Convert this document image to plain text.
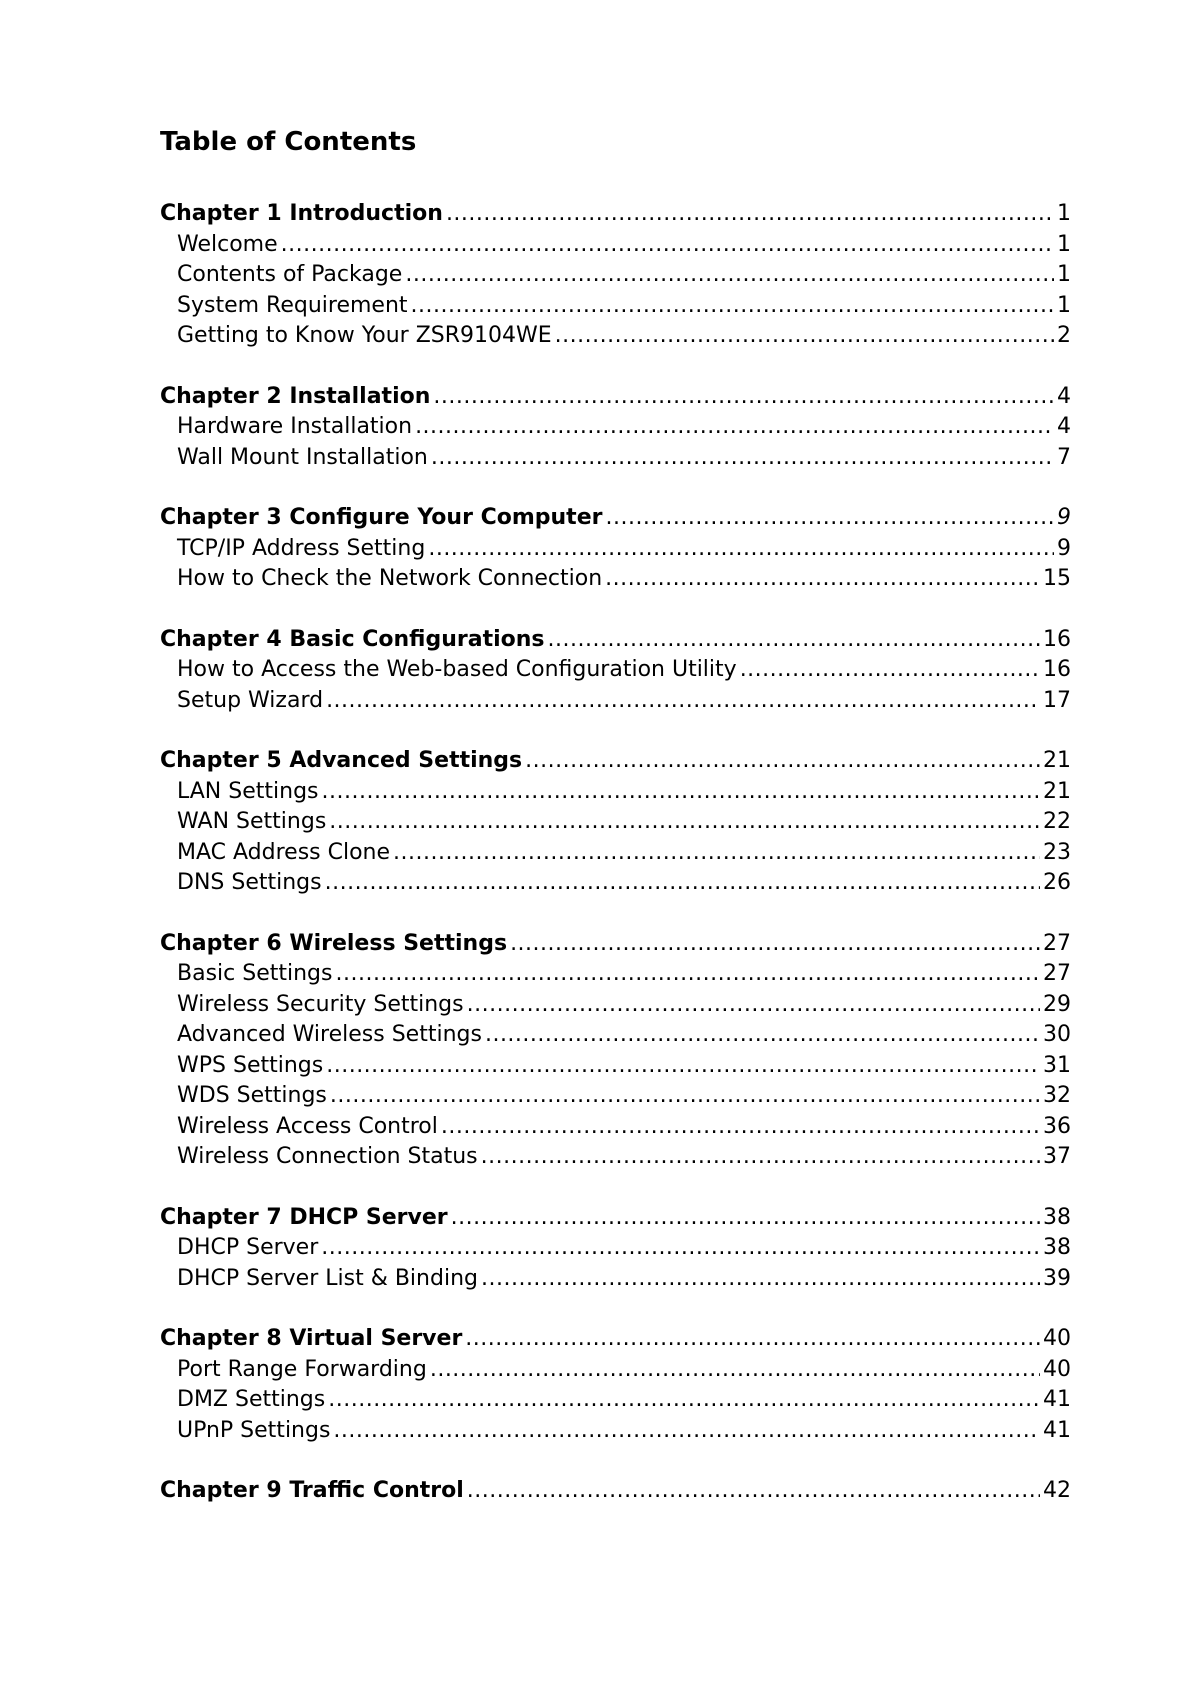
Table of Contents
Chapter 1 Introduction .....	1
Welcome .....	1
Contents of Package .....	1
System Requirement .....	1
Getting to Know Your ZSR9104WE .....	2
Chapter 2 Installation .....	4
Hardware Installation .....	4
Wall Mount Installation .....	7
Chapter 3 Configure Your Computer .....	9
TCP/IP Address Setting .....	9
How to Check the Network Connection .....	15
Chapter 4 Basic Configurations .....	16
How to Access the Web-based Configuration Utility .....	16
Setup Wizard .....	17
Chapter 5 Advanced Settings .....	21
LAN Settings .....	21
WAN Settings .....	22
MAC Address Clone .....	23
DNS Settings .....	26
Chapter 6 Wireless Settings .....	27
Basic Settings .....	27
Wireless Security Settings .....	29
Advanced Wireless Settings .....	30
WPS Settings .....	31
WDS Settings .....	32
Wireless Access Control .....	36
Wireless Connection Status .....	37
Chapter 7 DHCP Server .....	38
DHCP Server .....	38
DHCP Server List & Binding .....	39
Chapter 8 Virtual Server .....	40
Port Range Forwarding .....	40
DMZ Settings .....	41
UPnP Settings .....	41
Chapter 9 Traffic Control .....	42
